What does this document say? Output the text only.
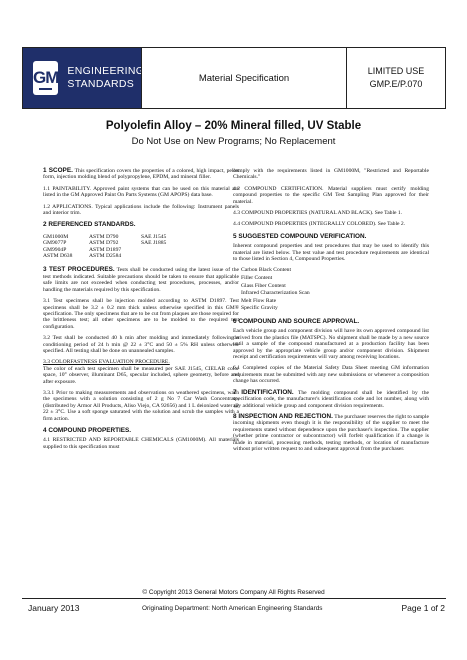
GM ENGINEERING
STANDARDS	Material Specification
LIMITED USE
GMP.E/P.070
Polyolefin Alloy – 20% Mineral filled, UV Stable
Do Not Use on New Programs; No Replacement

1 SCOPE. This specification covers the properties of a colored, high impact, pellet form, injection molding blend of polypropylene, EPDM, and mineral filler.

1.1 PAINTABILITY. Approved paint systems that can be used on this material are listed in the GM Approved Paint On Parts Systems (GM APOPS) data base.

1.2 APPLICATIONS. Typical applications include the following: Instrument panels and interior trim.

2 REFERENCED STANDARDS.
GM1000M	ASTM D790	SAE J1545
GM9077P	ASTM D792	SAE J1885
GM9904P	ASTM D1897
ASTM D638	ASTM D2584

3 TEST PROCEDURES. Tests shall be conducted using the latest issue of the test methods indicated. Suitable precautions should be taken to ensure that applicable safe limits are not exceeded when conducting test procedures, processes, and/or handling the materials required by this specification.

3.1 Test specimens shall be injection molded according to ASTM D1897. Test specimens shall be 3.2 ± 0.2 mm thick unless otherwise specified in this GM® specification. The only specimens that are to be cut from plaques are those required for the brittleness test; all other specimens are to be molded to the required test configuration.

3.2 Test shall be conducted 40 h min after molding and immediately following a conditioning period of 24 h min @ 22 ± 3°C and 50 ± 5% RH unless otherwise specified. All testing shall be done on unannealed samples.

3.3 COLORFASTNESS EVALUATION PROCEDURE.
The color of each test specimen shall be measured per SAE J1545, CIELAB color space, 10° observer, illuminant D65, specular included, sphere geometry, before and after exposure.

3.3.1 Prior to making measurements and observations on weathered specimens, wash the specimens with a solution consisting of 2 g No 7 Car Wash Concentrate, (distributed by Armor All Products, Aliso Viejo, CA 92656) and 1 L deionized water @ 22 ± 3°C. Use a soft sponge saturated with the solution and scrub the samples with a firm action.

4 COMPOUND PROPERTIES.

4.1 RESTRICTED AND REPORTABLE CHEMICALS (GM1000M). All materials supplied to this specification must

comply with the requirements listed in GM1000M, "Restricted and Reportable Chemicals."

4.2 COMPOUND CERTIFICATION. Material suppliers must certify molding compound properties to the specific GM Test Sampling Plan approved for their material.

4.3 COMPOUND PROPERTIES (NATURAL AND BLACK). See Table 1.

4.4 COMPOUND PROPERTIES (INTEGRALLY COLORED). See Table 2.

5 SUGGESTED COMPOUND VERIFICATION.

Inherent compound properties and test procedures that may be used to identify this material are listed below. The test value and test procedure requirements are identical to those listed in Section 4, Compound Properties.

Carbon Black Content
Filler Content
Glass Fiber Content
Infrared Characterization Scan
Melt Flow Rate
Specific Gravity
6 COMPOUND AND SOURCE APPROVAL.

Each vehicle group and component division will have its own approved compound list derived from the plastics file (MATSPC). No shipment shall be made by a new source until a sample of the compound manufactured at a production facility has been approved by the appropriate vehicle group and/or component division. Shipment receipt and certification requirements will vary among receiving locations.

6.1 Completed copies of the Material Safety Data Sheet meeting GM information requirements must be submitted with any new submissions or whenever a composition change has occurred.

7 IDENTIFICATION. The molding compound shall be identified by the specification code, the manufacturer's identification code and lot number, along with any additional vehicle group and component division requirements.

8 INSPECTION AND REJECTION. The purchaser reserves the right to sample incoming shipments even though it is the responsibility of the supplier to meet the requirements stated without dependence upon the purchaser's inspection. The supplier (whether prime contractor or subcontractor) will forfeit qualification if a change is made in material, processing methods, testing methods, or location of manufacture without prior written request to and subsequent approval from the purchaser.

© Copyright 2013 General Motors Company All Rights Reserved
January 2013	Originating Department: North American Engineering Standards	Page 1 of 2
